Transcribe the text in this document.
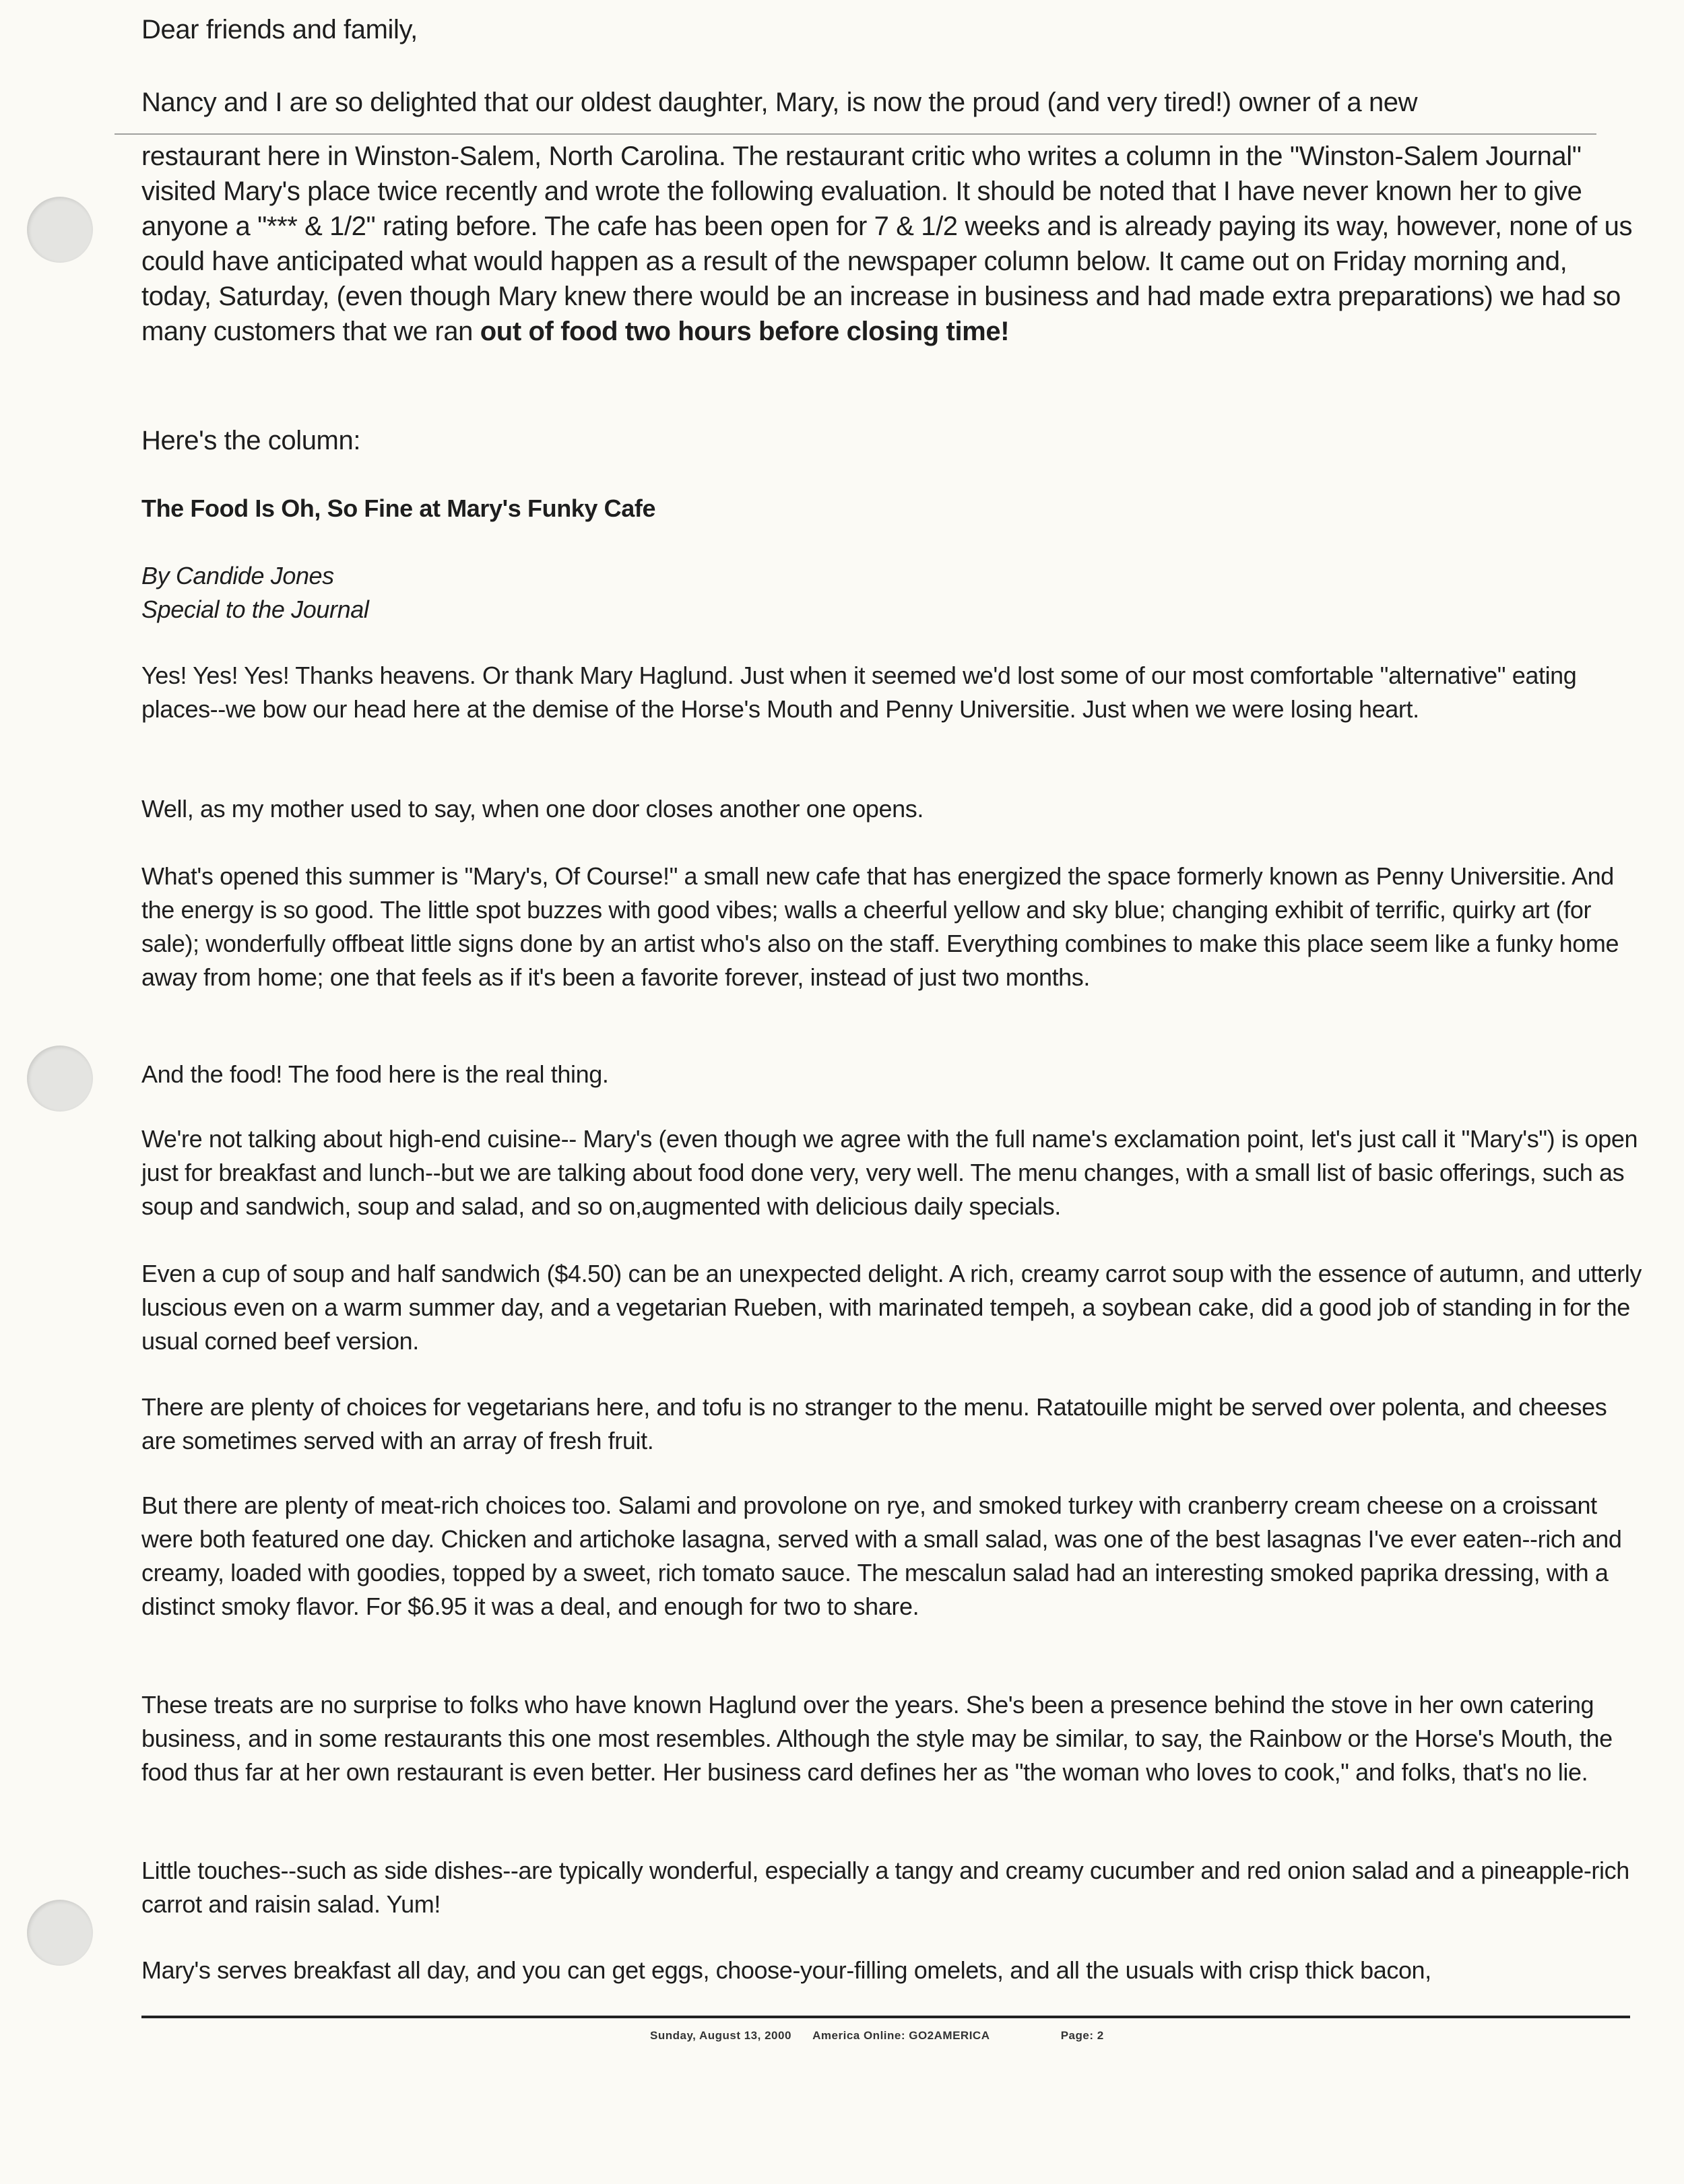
Dear friends and family,

Nancy and I are so delighted that our oldest daughter, Mary, is now the proud (and very tired!) owner of a new

restaurant here in Winston-Salem, North Carolina. The restaurant critic who writes a column in the "Winston-Salem Journal" visited Mary's place twice recently and wrote the following evaluation. It should be noted that I have never known her to give anyone a "*** & 1/2" rating before. The cafe has been open for 7 & 1/2 weeks and is already paying its way, however, none of us could have anticipated what would happen as a result of the newspaper column below. It came out on Friday morning and, today, Saturday, (even though Mary knew there would be an increase in business and had made extra preparations) we had so many customers that we ran out of food two hours before closing time!

Here's the column:

The Food Is Oh, So Fine at Mary's Funky Cafe

By Candide Jones

Special to the Journal

Yes! Yes! Yes! Thanks heavens. Or thank Mary Haglund. Just when it seemed we'd lost some of our most comfortable "alternative" eating places--we bow our head here at the demise of the Horse's Mouth and Penny Universitie. Just when we were losing heart.

Well, as my mother used to say, when one door closes another one opens.

What's opened this summer is "Mary's, Of Course!" a small new cafe that has energized the space formerly known as Penny Universitie. And the energy is so good. The little spot buzzes with good vibes; walls a cheerful yellow and sky blue; changing exhibit of terrific, quirky art (for sale); wonderfully offbeat little signs done by an artist who's also on the staff. Everything combines to make this place seem like a funky home away from home; one that feels as if it's been a favorite forever, instead of just two months.

And the food! The food here is the real thing.

We're not talking about high-end cuisine-- Mary's (even though we agree with the full name's exclamation point, let's just call it "Mary's") is open just for breakfast and lunch--but we are talking about food done very, very well. The menu changes, with a small list of basic offerings, such as soup and sandwich, soup and salad, and so on,augmented with delicious daily specials.

Even a cup of soup and half sandwich ($4.50) can be an unexpected delight. A rich, creamy carrot soup with the essence of autumn, and utterly luscious even on a warm summer day, and a vegetarian Rueben, with marinated tempeh, a soybean cake, did a good job of standing in for the usual corned beef version.

There are plenty of choices for vegetarians here, and tofu is no stranger to the menu. Ratatouille might be served over polenta, and cheeses are sometimes served with an array of fresh fruit.

But there are plenty of meat-rich choices too. Salami and provolone on rye, and smoked turkey with cranberry cream cheese on a croissant were both featured one day. Chicken and artichoke lasagna, served with a small salad, was one of the best lasagnas I've ever eaten--rich and creamy, loaded with goodies, topped by a sweet, rich tomato sauce. The mescalun salad had an interesting smoked paprika dressing, with a distinct smoky flavor. For $6.95 it was a deal, and enough for two to share.

These treats are no surprise to folks who have known Haglund over the years. She's been a presence behind the stove in her own catering business, and in some restaurants this one most resembles. Although the style may be similar, to say, the Rainbow or the Horse's Mouth, the food thus far at her own restaurant is even better. Her business card defines her as "the woman who loves to cook," and folks, that's no lie.

Little touches--such as side dishes--are typically wonderful, especially a tangy and creamy cucumber and red onion salad and a pineapple-rich carrot and raisin salad. Yum!

Mary's serves breakfast all day, and you can get eggs, choose-your-filling omelets, and all the usuals with crisp thick bacon,

Sunday, August 13, 2000 America Online: GO2AMERICA	Page: 2
